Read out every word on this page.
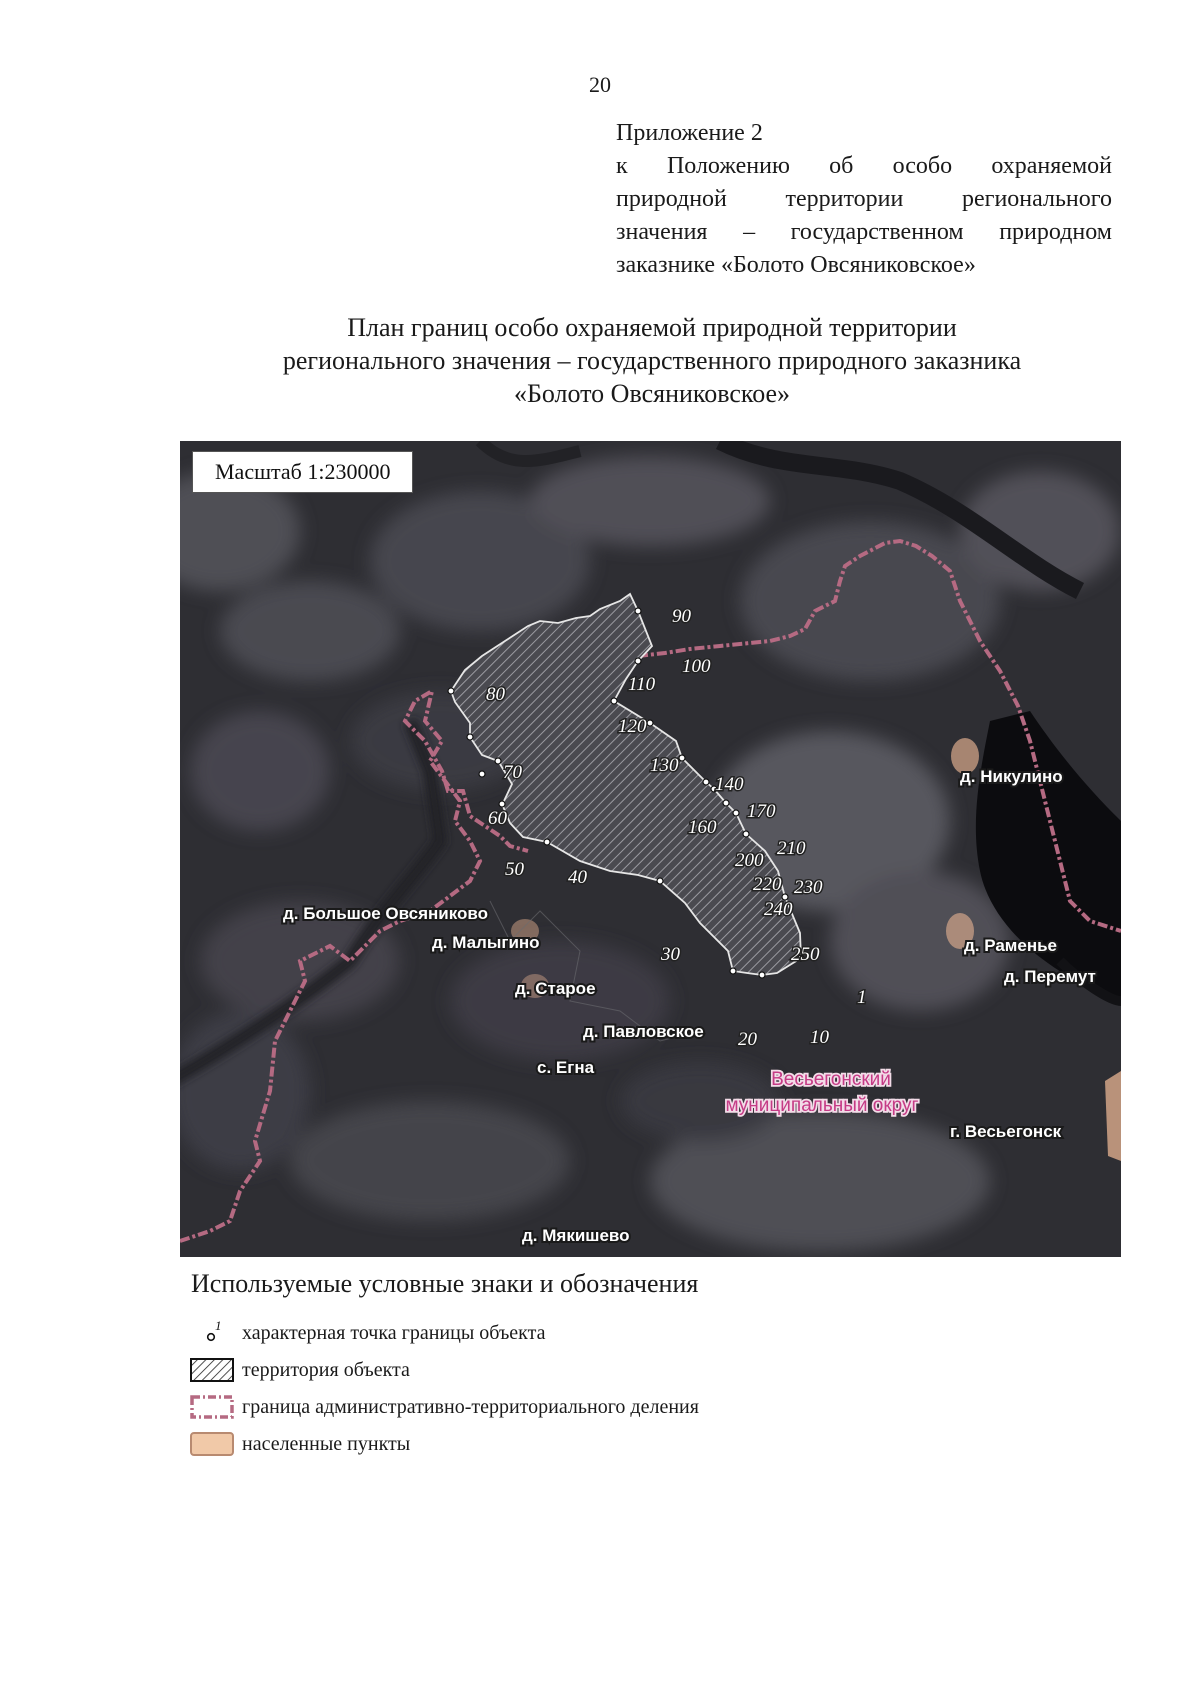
20
Приложение 2
к Положению об особо охраняемой
природной территории регионального
значения – государственном природном
заказнике «Болото Овсяниковское»
План границ особо охраняемой природной территории
регионального значения – государственного природного заказника
«Болото Овсяниковское»
90
100
110
80
120
130
70
140
170
60	160
210
200
50 40	220 230
240
250
30
1
20	10
д. Никулино
д. Большое Овсяниково
д. Малыгино	д. Раменье
д. Перемут
д. Старое
д. Павловское
с. Егна
г. Весьегонск
д. Мякишево
Весьегонский
муниципальный округ
Масштаб 1:230000
Используемые условные знаки и обозначения
1 характерная точка границы объекта
территория объекта
граница административно-территориального деления
населенные пункты
